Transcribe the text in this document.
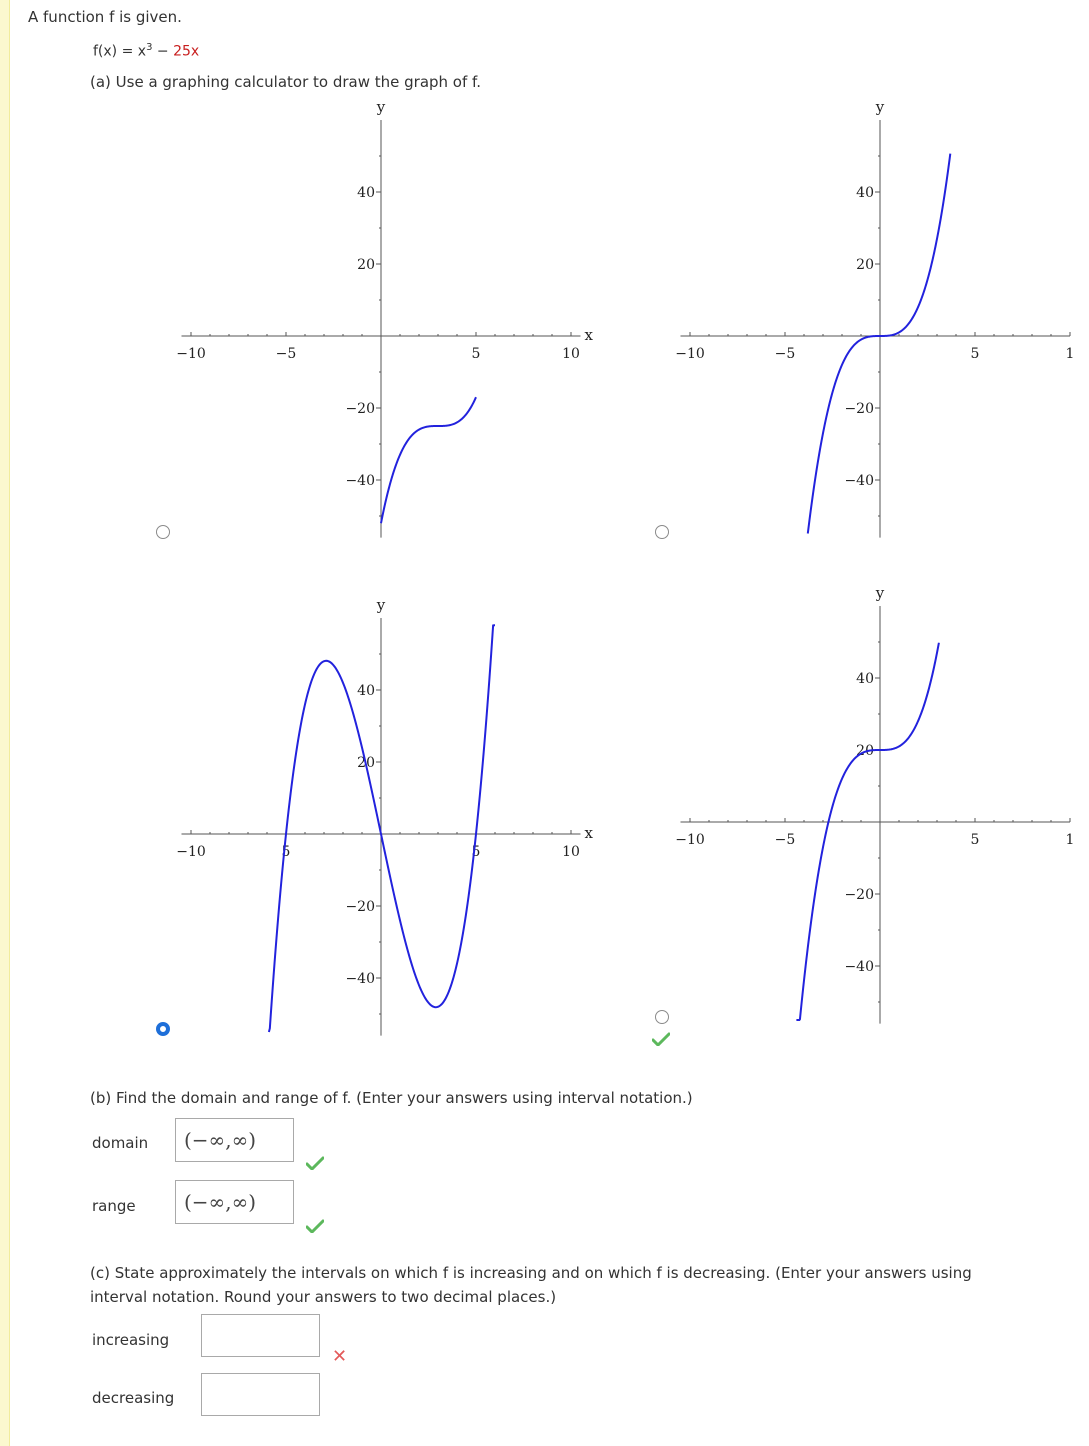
A function f is given.
$f(x) = x^3 - 25x$
(a) Use a graphing calculator to draw the graph of f.
−10	−5	5	10
40
20
−20
−40
y
x
−10	−5	5	1
40
20
−20
−40
y
−10	5	5	10
40
20
−20
−40
y
x	−10	−5	5	1
40
20
−20
−40
y
(b) Find the domain and range of f. (Enter your answers using interval notation.)
domain	(−∞,∞)
range	(−∞,∞)
(c) State approximately the intervals on which f is increasing and on which f is decreasing. (Enter your answers using
interval notation. Round your answers to two decimal places.)
increasing
✕
decreasing
